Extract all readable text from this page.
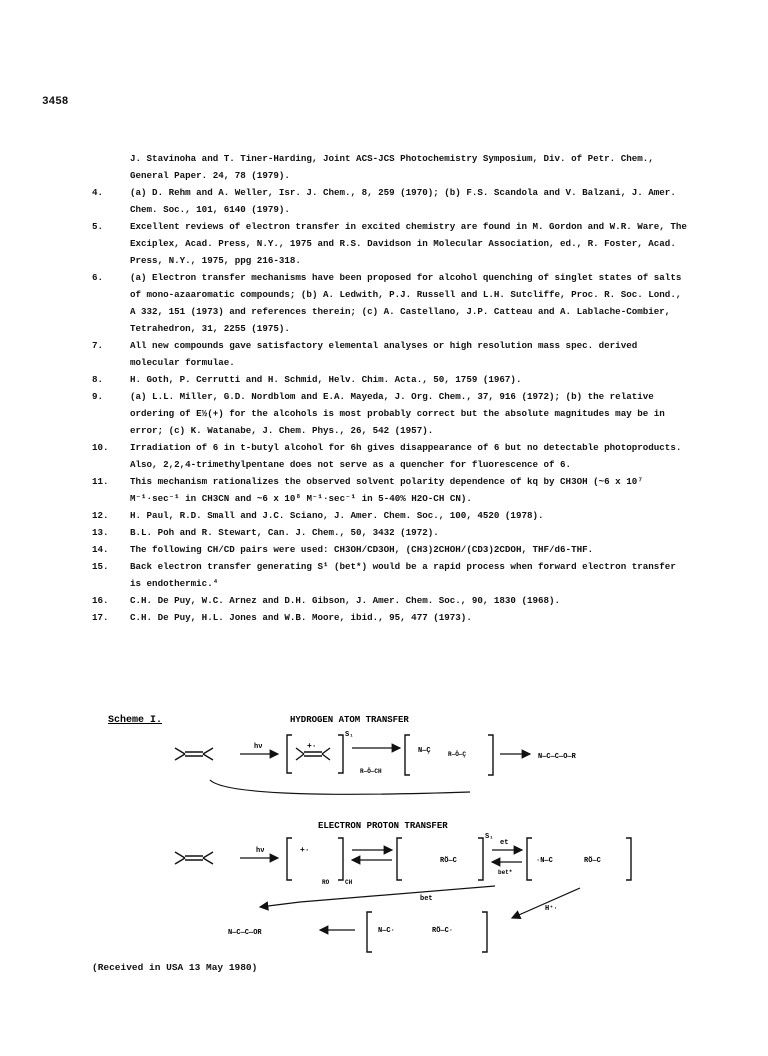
3458
J. Stavinoha and T. Tiner-Harding, Joint ACS-JCS Photochemistry Symposium, Div. of Petr. Chem., General Paper. 24, 78 (1979).
4.	(a) D. Rehm and A. Weller, Isr. J. Chem., 8, 259 (1970); (b) F.S. Scandola and V. Balzani, J. Amer. Chem. Soc., 101, 6140 (1979).
5.	Excellent reviews of electron transfer in excited chemistry are found in M. Gordon and W.R. Ware, The Exciplex, Acad. Press, N.Y., 1975 and R.S. Davidson in Molecular Association, ed., R. Foster, Acad. Press, N.Y., 1975, ppg 216-318.
6.	(a) Electron transfer mechanisms have been proposed for alcohol quenching of singlet states of salts of mono-azaaromatic compounds; (b) A. Ledwith, P.J. Russell and L.H. Sutcliffe, Proc. R. Soc. Lond., A 332, 151 (1973) and references therein; (c) A. Castellano, J.P. Catteau and A. Lablache-Combier, Tetrahedron, 31, 2255 (1975).
7.	All new compounds gave satisfactory elemental analyses or high resolution mass spec. derived molecular formulae.
8.	H. Goth, P. Cerrutti and H. Schmid, Helv. Chim. Acta., 50, 1759 (1967).
9.	(a) L.L. Miller, G.D. Nordblom and E.A. Mayeda, J. Org. Chem., 37, 916 (1972); (b) the relative ordering of E½(+) for the alcohols is most probably correct but the absolute magnitudes may be in error; (c) K. Watanabe, J. Chem. Phys., 26, 542 (1957).
10.	Irradiation of 6 in t-butyl alcohol for 6h gives disappearance of 6 but no detectable photoproducts. Also, 2,2,4-trimethylpentane does not serve as a quencher for fluorescence of 6.
11.	This mechanism rationalizes the observed solvent polarity dependence of kq by CH3OH (~6 x 10⁷ M⁻¹·sec⁻¹ in CH3CN and ~6 x 10⁸ M⁻¹·sec⁻¹ in 5-40% H2O-CH CN).
12.	H. Paul, R.D. Small and J.C. Sciano, J. Amer. Chem. Soc., 100, 4520 (1978).
13.	B.L. Poh and R. Stewart, Can. J. Chem., 50, 3432 (1972).
14.	The following CH/CD pairs were used: CH3OH/CD3OH, (CH3)2CHOH/(CD3)2CDOH, THF/d6-THF.
15.	Back electron transfer generating S¹ (bet*) would be a rapid process when forward electron transfer is endothermic.⁴
16.	C.H. De Puy, W.C. Arnez and D.H. Gibson, J. Amer. Chem. Soc., 90, 1830 (1968).
17.	C.H. De Puy, H.L. Jones and W.B. Moore, ibid., 95, 477 (1973).
Scheme I.	HYDROGEN ATOM TRANSFER
hν	+·
S₁
R—Ö—CH
N—Ç	R—Ö—Ç	N—C—C—O—R
ELECTRON PROTON TRANSFER
hν	+·
RO	CH
S₁
RÖ—C
et
bet*
·N—C	RÖ—C
bet
H⁺·
N—C—C—OR	N—C·	RÖ—C·
(Received in USA 13 May 1980)
